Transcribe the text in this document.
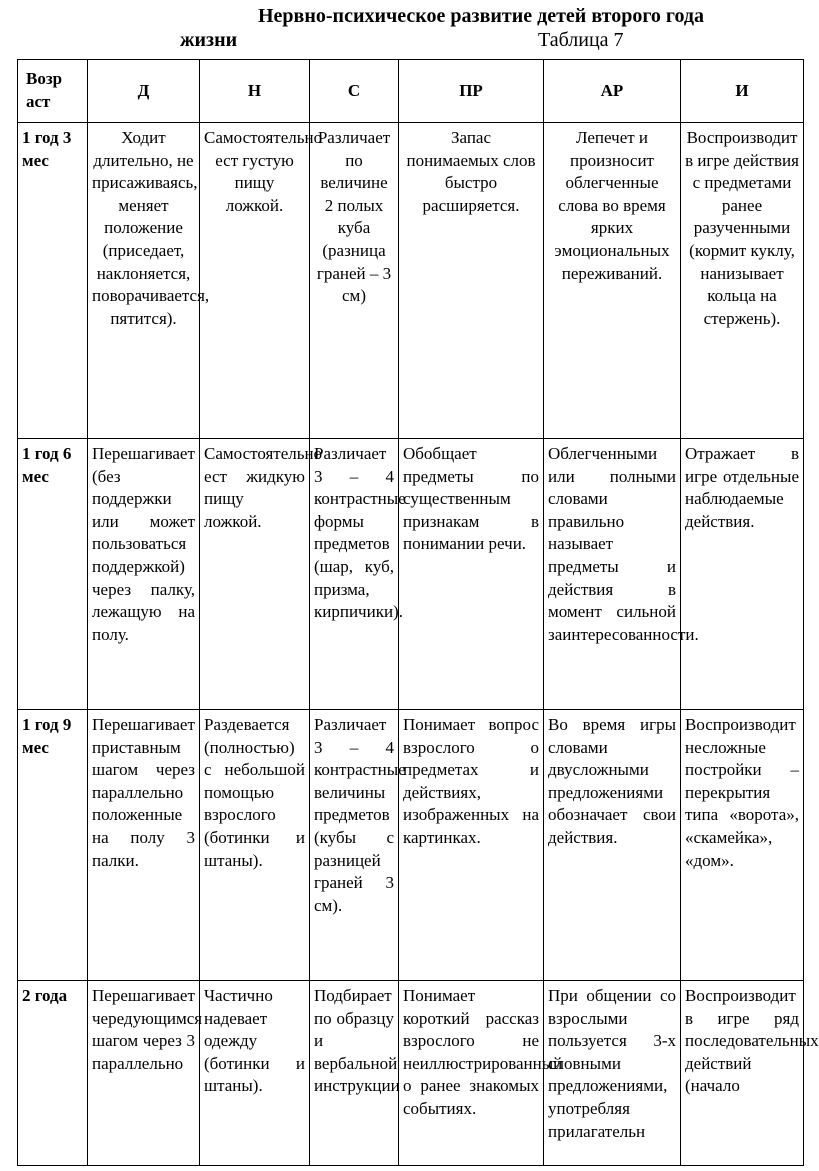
Нервно-психическое развитие детей второго года
жизни	Таблица 7
Возр аст	Д	Н	С	ПР	АР	И
1 год 3 мес	Ходит длительно, не присаживаясь, меняет положение (приседает, наклоняется, поворачивается, пятится).	Самостоятельно ест густую пищу ложкой.	Различает по величине 2 полых куба (разница граней – 3 см)	Запас понимаемых слов быстро расширяется.	Лепечет и произносит облегченные слова во время ярких эмоциональных переживаний.	Воспроизводит в игре действия с предметами ранее разученными (кормит куклу, нанизывает кольца на стержень).
1 год 6 мес	Перешагивает (без поддержки или может пользоваться поддержкой) через палку, лежащую на полу.	Самостоятельно ест жидкую пищу ложкой.	Различает 3 – 4 контрастные формы предметов (шар, куб, призма, кирпичики).	Обобщает предметы по существенным признакам в понимании речи.	Облегченными или полными словами правильно называет предметы и действия в момент сильной заинтересованности.	Отражает в игре отдельные наблюдаемые действия.
1 год 9 мес	Перешагивает приставным шагом через параллельно положенные на полу 3 палки.	Раздевается (полностью) с небольшой помощью взрослого (ботинки и штаны).	Различает 3 – 4 контрастные величины предметов (кубы с разницей граней 3 см).	Понимает вопрос взрослого о предметах и действиях, изображенных на картинках.	Во время игры словами двусложными предложениями обозначает свои действия.	Воспроизводит несложные постройки – перекрытия типа «ворота», «скамейка», «дом».
2 года	Перешагивает чередующимся шагом через 3 параллельно	Частично надевает одежду (ботинки и штаны).	Подбирает по образцу и вербальной инструкции	Понимает короткий рассказ взрослого не неиллюстрированный о ранее знакомых событиях.	При общении со взрослыми пользуется 3-х словными предложениями, употребляя прилагательн	Воспроизводит в игре ряд последовательных действий (начало
